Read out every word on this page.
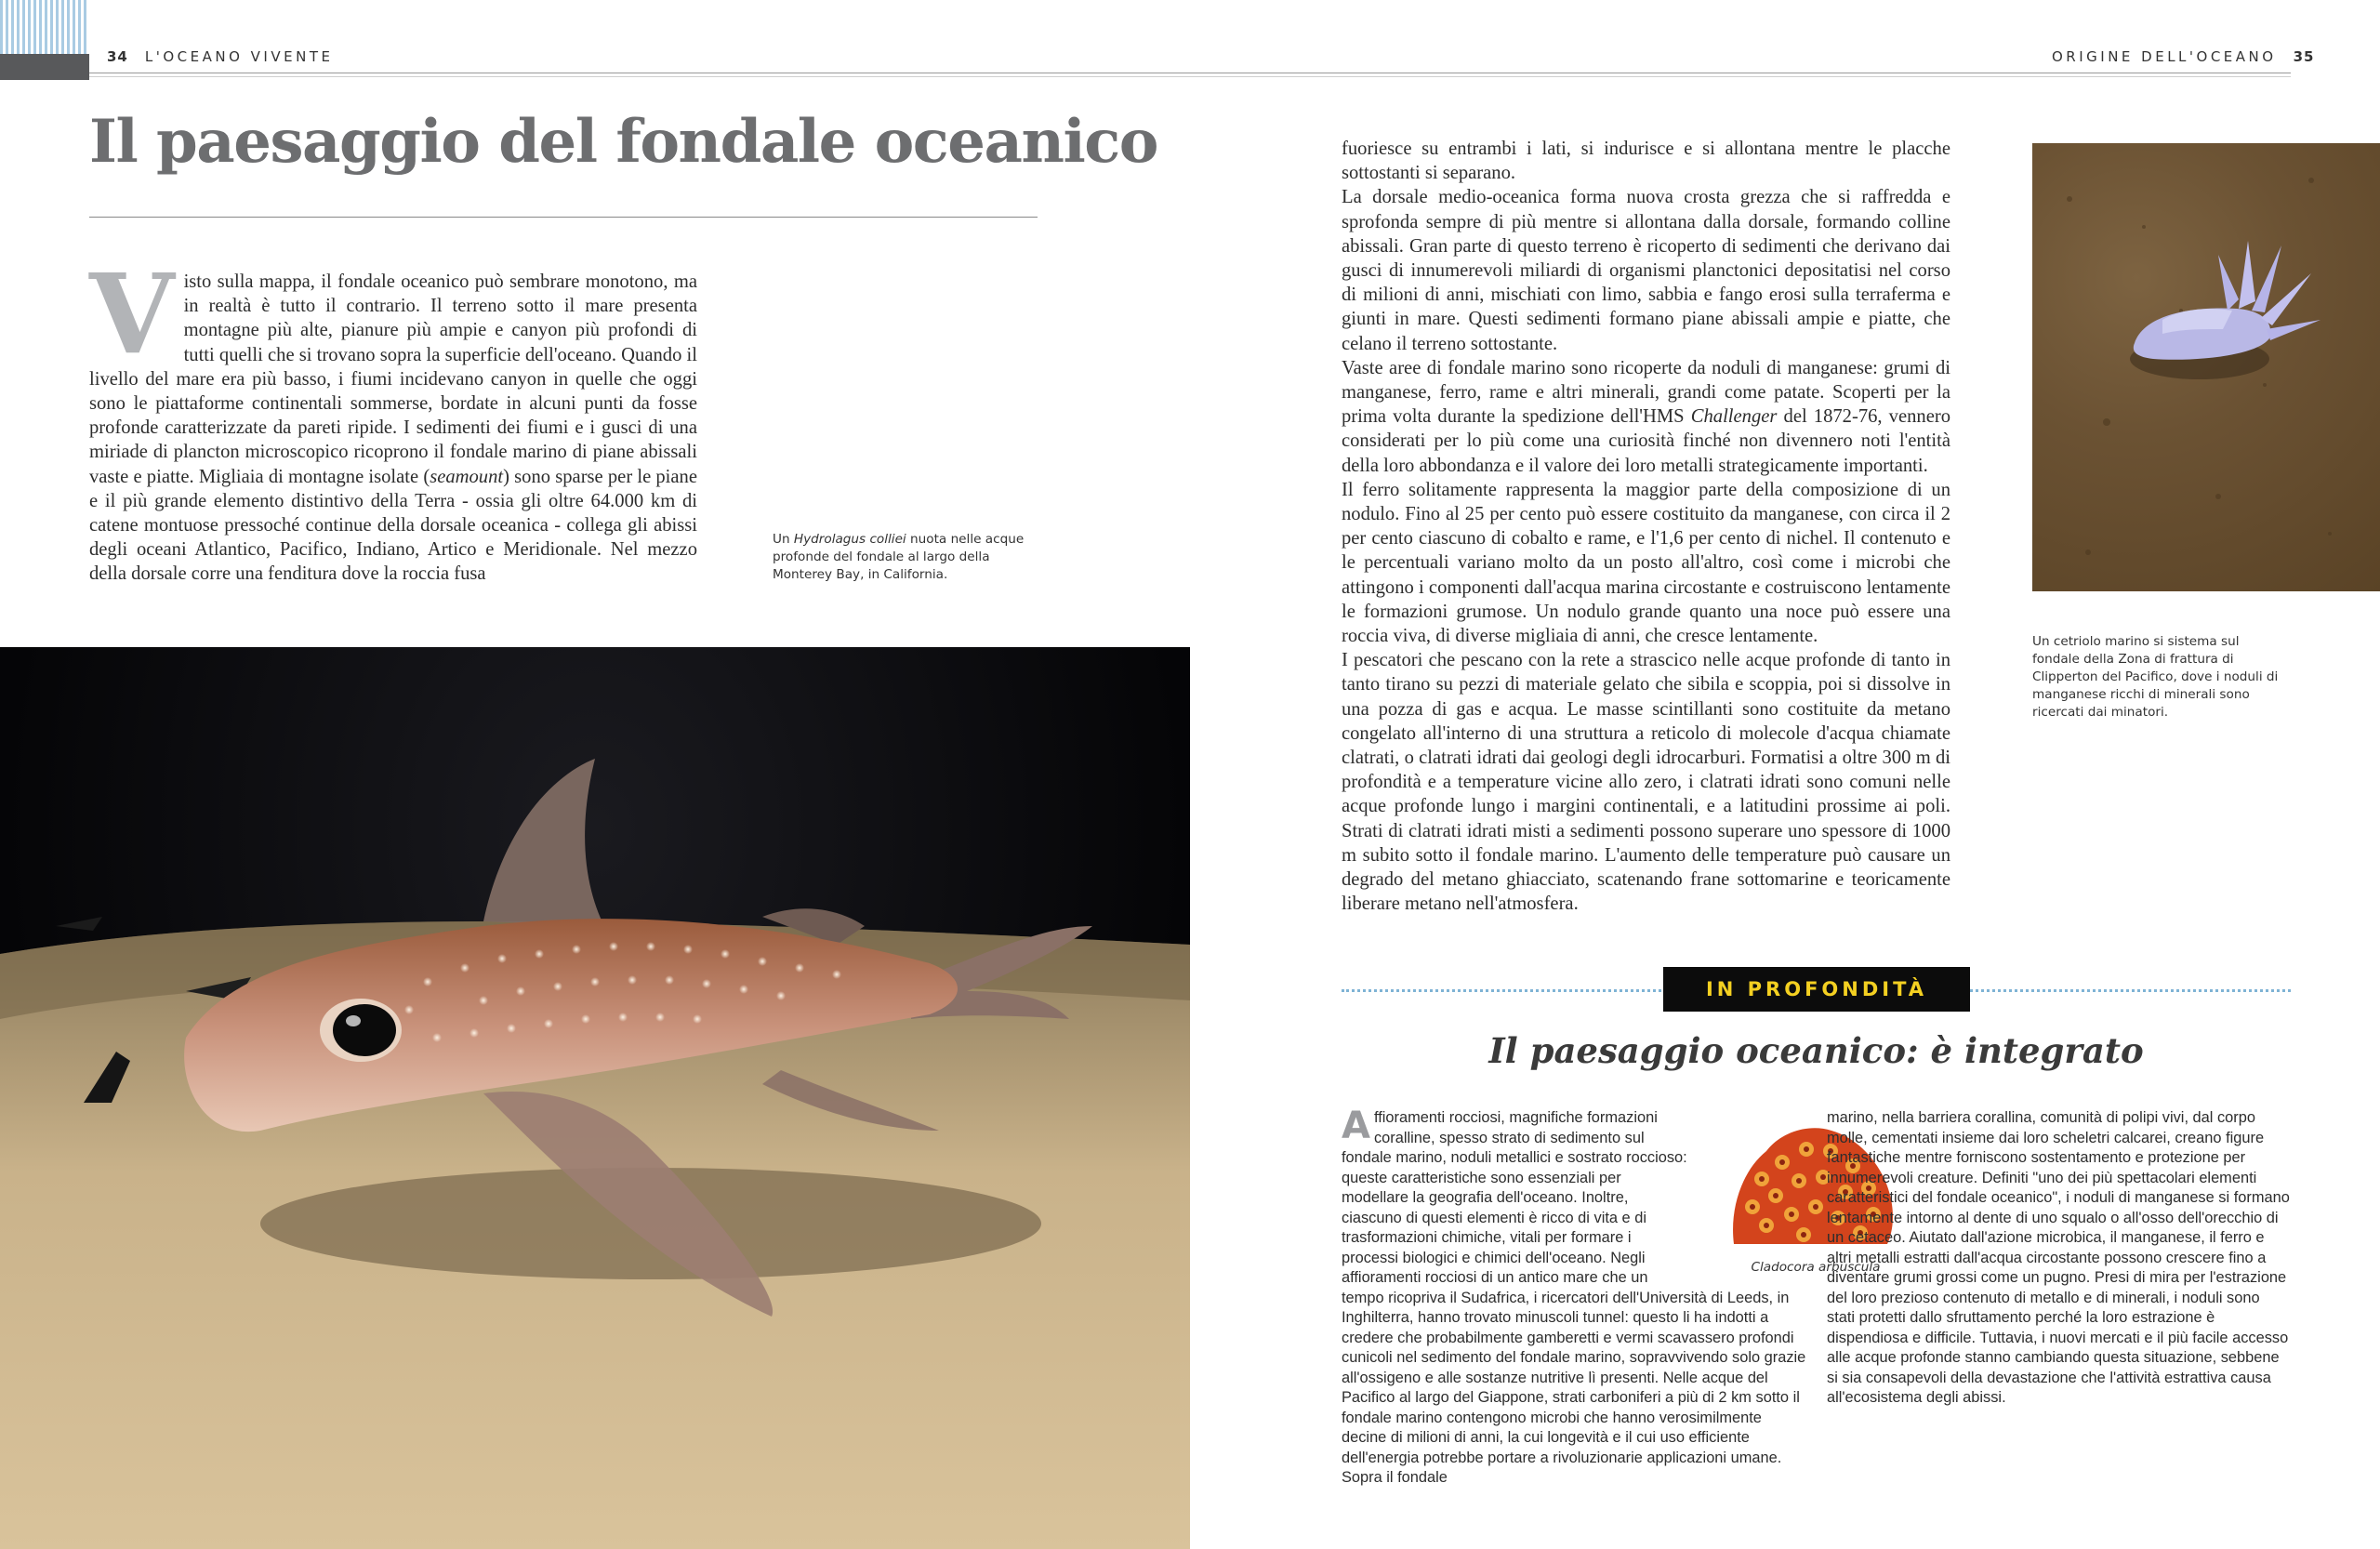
34 L'OCEANO VIVENTE	ORIGINE DELL'OCEANO 35
Il paesaggio del fondale oceanico
Visto sulla mappa, il fondale oceanico può sembrare monotono, ma in realtà è tutto il contrario. Il terreno sotto il mare presenta montagne più alte, pianure più ampie e canyon più profondi di tutti quelli che si trovano sopra la superficie dell'oceano. Quando il livello del mare era più basso, i fiumi incidevano canyon in quelle che oggi sono le piattaforme continentali sommerse, bordate in alcuni punti da fosse profonde caratterizzate da pareti ripide. I sedimenti dei fiumi e i gusci di una miriade di plancton microscopico ricoprono il fondale marino di piane abissali vaste e piatte. Migliaia di montagne isolate (seamount) sono sparse per le piane e il più grande elemento distintivo della Terra - ossia gli oltre 64.000 km di catene montuose pressoché continue della dorsale oceanica - collega gli abissi degli oceani Atlantico, Pacifico, Indiano, Artico e Meridionale. Nel mezzo della dorsale corre una fenditura dove la roccia fusa

Un Hydrolagus colliei nuota nelle acque profonde del fondale al largo della Monterey Bay, in California.

fuoriesce su entrambi i lati, si indurisce e si allontana mentre le placche sottostanti si separano.

La dorsale medio-oceanica forma nuova crosta grezza che si raffredda e sprofonda sempre di più mentre si allontana dalla dorsale, formando colline abissali. Gran parte di questo terreno è ricoperto di sedimenti che derivano dai gusci di innumerevoli miliardi di organismi planctonici depositatisi nel corso di milioni di anni, mischiati con limo, sabbia e fango erosi sulla terraferma e giunti in mare. Questi sedimenti formano piane abissali ampie e piatte, che celano il terreno sottostante.

Vaste aree di fondale marino sono ricoperte da noduli di manganese: grumi di manganese, ferro, rame e altri minerali, grandi come patate. Scoperti per la prima volta durante la spedizione dell'HMS Challenger del 1872-76, vennero considerati per lo più come una curiosità finché non divennero noti l'entità della loro abbondanza e il valore dei loro metalli strategicamente importanti.

Il ferro solitamente rappresenta la maggior parte della composizione di un nodulo. Fino al 25 per cento può essere costituito da manganese, con circa il 2 per cento ciascuno di cobalto e rame, e l'1,6 per cento di nichel. Il contenuto e le percentuali variano molto da un posto all'altro, così come i microbi che attingono i componenti dall'acqua marina circostante e costruiscono lentamente le formazioni grumose. Un nodulo grande quanto una noce può essere una roccia viva, di diverse migliaia di anni, che cresce lentamente.

I pescatori che pescano con la rete a strascico nelle acque profonde di tanto in tanto tirano su pezzi di materiale gelato che sibila e scoppia, poi si dissolve in una pozza di gas e acqua. Le masse scintillanti sono costituite da metano congelato all'interno di una struttura a reticolo di molecole d'acqua chiamate clatrati, o clatrati idrati dai geologi degli idrocarburi. Formatisi a oltre 300 m di profondità e a temperature vicine allo zero, i clatrati idrati sono comuni nelle acque profonde lungo i margini continentali, e a latitudini prossime ai poli. Strati di clatrati idrati misti a sedimenti possono superare uno spessore di 1000 m subito sotto il fondale marino. L'aumento delle temperature può causare un degrado del metano ghiacciato, scatenando frane sottomarine e teoricamente liberare metano nell'atmosfera.

Un cetriolo marino si sistema sul fondale della Zona di frattura di Clipperton del Pacifico, dove i noduli di manganese ricchi di minerali sono ricercati dai minatori.

IN PROFONDITÀ
Il paesaggio oceanico: è integrato
A ffioramenti rocciosi, magnifiche formazioni coralline, spesso strato di sedimento sul fondale marino, noduli metallici e sostrato roccioso: queste caratteristiche sono essenziali per modellare la geografia dell'oceano. Inoltre, ciascuno di questi elementi è ricco di vita e di trasformazioni chimiche, vitali per formare i processi biologici e chimici dell'oceano. Negli affioramenti rocciosi di un antico mare che un tempo ricopriva il Sudafrica, i ricercatori dell'Università di Leeds, in Inghilterra, hanno trovato minuscoli tunnel: questo li ha indotti a credere che probabilmente gamberetti e vermi scavassero profondi cunicoli nel sedimento del fondale marino, sopravvivendo solo grazie all'ossigeno e alle sostanze nutritive lì presenti. Nelle acque del Pacifico al largo del Giappone, strati carboniferi a più di 2 km sotto il fondale marino contengono microbi che hanno verosimilmente decine di milioni di anni, la cui longevità e il cui uso efficiente dell'energia potrebbe portare a rivoluzionarie applicazioni umane. Sopra il fondale

Cladocora arbuscula

marino, nella barriera corallina, comunità di polipi vivi, dal corpo molle, cementati insieme dai loro scheletri calcarei, creano figure fantastiche mentre forniscono sostentamento e protezione per innumerevoli creature. Definiti "uno dei più spettacolari elementi caratteristici del fondale oceanico", i noduli di manganese si formano lentamente intorno al dente di uno squalo o all'osso dell'orecchio di un cetaceo. Aiutato dall'azione microbica, il manganese, il ferro e altri metalli estratti dall'acqua circostante possono crescere fino a diventare grumi grossi come un pugno. Presi di mira per l'estrazione del loro prezioso contenuto di metallo e di minerali, i noduli sono stati protetti dallo sfruttamento perché la loro estrazione è dispendiosa e difficile. Tuttavia, i nuovi mercati e il più facile accesso alle acque profonde stanno cambiando questa situazione, sebbene si sia consapevoli della devastazione che l'attività estrattiva causa all'ecosistema degli abissi.
